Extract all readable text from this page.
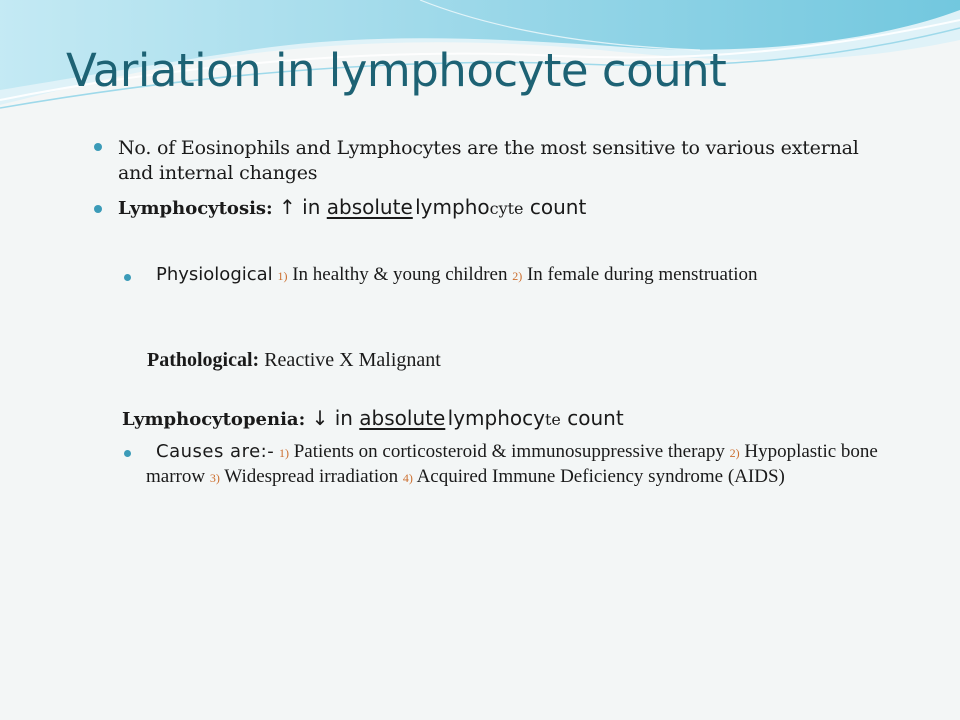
Variation in lymphocyte count
No. of Eosinophils and Lymphocytes are the most sensitive to various external and internal changes
Lymphocytosis: ↑ in absolute lymphocyte count
Physiological 1) In healthy & young children 2) In female during menstruation
Pathological: Reactive X Malignant
Lymphocytopenia: ↓ in absolute lymphocyte count
Causes are:- 1) Patients on corticosteroid & immunosuppressive therapy 2) Hypoplastic bone marrow 3) Widespread irradiation 4) Acquired Immune Deficiency syndrome (AIDS)
